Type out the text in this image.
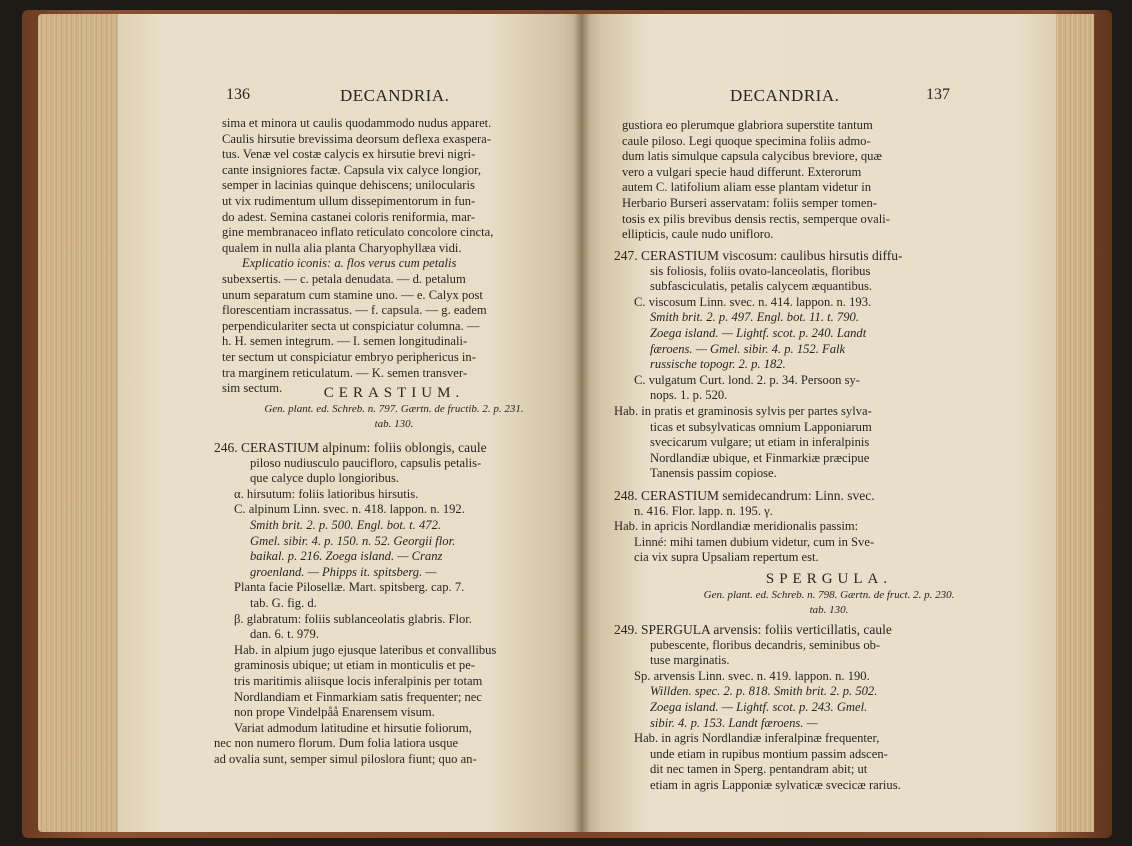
136	DECANDRIA.
sima et minora ut caulis quodammodo nudus apparet.
Caulis hirsutie brevissima deorsum deflexa exaspera-
tus. Venæ vel costæ calycis ex hirsutie brevi nigri-
cante insigniores factæ. Capsula vix calyce longior,
semper in lacinias quinque dehiscens; unilocularis
ut vix rudimentum ullum dissepimentorum in fun-
do adest. Semina castanei coloris reniformia, mar-
gine membranaceo inflato reticulato concolore cincta,
qualem in nulla alia planta Charyophyllæa vidi.
Explicatio iconis: a. flos verus cum petalis
subexsertis. — c. petala denudata. — d. petalum
unum separatum cum stamine uno. — e. Calyx post
florescentiam incrassatus. — f. capsula. — g. eadem
perpendiculariter secta ut conspiciatur columna. —
h. H. semen integrum. — I. semen longitudinali-
ter sectum ut conspiciatur embryo periphericus in-
tra marginem reticulatum. — K. semen transver-
sim sectum.	CERASTIUM.
Gen. plant. ed. Schreb. n. 797. Gærtn. de fructib. 2. p. 231.
tab. 130.
246. CERASTIUM alpinum: foliis oblongis, caule
piloso nudiusculo paucifloro, capsulis petalis-
que calyce duplo longioribus.
α. hirsutum: foliis latioribus hirsutis.
C. alpinum Linn. svec. n. 418. lappon. n. 192.
Smith brit. 2. p. 500. Engl. bot. t. 472.
Gmel. sibir. 4. p. 150. n. 52. Georgii flor.
baikal. p. 216. Zoega island. — Cranz
groenland. — Phipps it. spitsberg. —
Planta facie Pilosellæ. Mart. spitsberg. cap. 7.
tab. G. fig. d.
β. glabratum: foliis sublanceolatis glabris. Flor.
dan. 6. t. 979.
Hab. in alpium jugo ejusque lateribus et convallibus
graminosis ubique; ut etiam in monticulis et pe-
tris maritimis aliisque locis inferalpinis per totam
Nordlandiam et Finmarkiam satis frequenter; nec
non prope Vindelpåå Enarensem visum.
Variat admodum latitudine et hirsutie foliorum,
nec non numero florum. Dum folia latiora usque
ad ovalia sunt, semper simul piloslora fiunt; quo an-
DECANDRIA.	137
gustiora eo plerumque glabriora superstite tantum
caule piloso. Legi quoque specimina foliis admo-
dum latis simulque capsula calycibus breviore, quæ
vero a vulgari specie haud differunt. Exterorum
autem C. latifolium aliam esse plantam videtur in
Herbario Burseri asservatam: foliis semper tomen-
tosis ex pilis brevibus densis rectis, semperque ovali-
ellipticis, caule nudo unifloro.
247. CERASTIUM viscosum: caulibus hirsutis diffu-
sis foliosis, foliis ovato-lanceolatis, floribus
subfasciculatis, petalis calycem æquantibus.
C. viscosum Linn. svec. n. 414. lappon. n. 193.
Smith brit. 2. p. 497. Engl. bot. 11. t. 790.
Zoega island. — Lightf. scot. p. 240. Landt
færoens. — Gmel. sibir. 4. p. 152. Falk
russische topogr. 2. p. 182.
C. vulgatum Curt. lond. 2. p. 34. Persoon sy-
nops. 1. p. 520.
Hab. in pratis et graminosis sylvis per partes sylva-
ticas et subsylvaticas omnium Lapponiarum
svecicarum vulgare; ut etiam in inferalpinis
Nordlandiæ ubique, et Finmarkiæ præcipue
Tanensis passim copiose.
248. CERASTIUM semidecandrum: Linn. svec.
n. 416. Flor. lapp. n. 195. γ.
Hab. in apricis Nordlandiæ meridionalis passim:
Linné: mihi tamen dubium videtur, cum in Sve-
cia vix supra Upsaliam repertum est.
SPERGULA.
Gen. plant. ed. Schreb. n. 798. Gærtn. de fruct. 2. p. 230.
tab. 130.
249. SPERGULA arvensis: foliis verticillatis, caule
pubescente, floribus decandris, seminibus ob-
tuse marginatis.
Sp. arvensis Linn. svec. n. 419. lappon. n. 190.
Willden. spec. 2. p. 818. Smith brit. 2. p. 502.
Zoega island. — Lightf. scot. p. 243. Gmel.
sibir. 4. p. 153. Landt færoens. —
Hab. in agris Nordlandiæ inferalpinæ frequenter,
unde etiam in rupibus montium passim adscen-
dit nec tamen in Sperg. pentandram abit; ut
etiam in agris Lapponiæ sylvaticæ svecicæ rarius.
